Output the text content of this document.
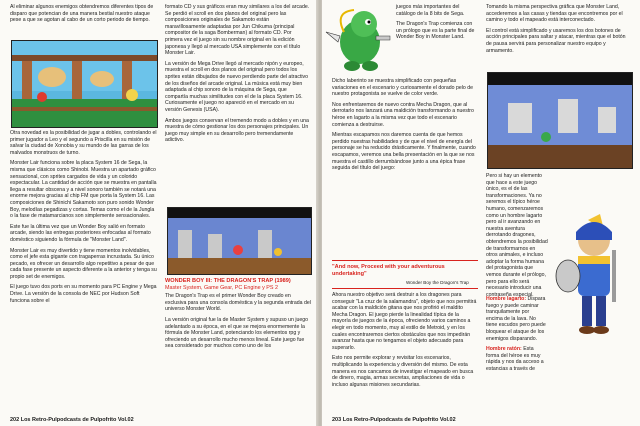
Al eliminar algunos enemigos obtendremos diferentes tipos de disparo que potencian de una manera bestial nuestro ataque pese a que se agotan al cabo de un corto periodo de tiempo.

Otra novedad es la posibilidad de jugar a dobles, controlando el primer jugador a Leo y el segundo a Priscilla en su misión de salvar la ciudad de Xonobia y su mundo de las garras de los malvados monstruos de turno.

Monster Lair funciona sobre la placa System 16 de Sega, la misma que clásicos como Shinobi. Muestra un apartado gráfico sensacional, con sprites cargados de vida y un colorido espectacular. La cantidad de acción que se muestra en pantalla llega a resultar obscena y a nivel sonoro también se notará una enorme mejora gracias al chip FM que porta la System 16. Las composiciones de Shinichi Sakamoto son puro sonido Wonder Boy, melodías pegadizas y cortas. Temas como el de la Jungla o la fase de matamarcianos son simplemente sensacionales.

Este fue la última vez que un Wonder Boy salió en formato arcade, siendo las entregas posteriores enfocadas al formato doméstico siguiendo la fórmula de "Monster Land".

Monster Lair es muy divertido y tiene momentos inolvidables, como el jefe esta gigante con tragaperras incrustada. Su único pecado, es ofrecer un desarrollo algo repetitivo a pesar de que cada fase presente un aspecto diferente a la anterior y tenga su propio set de enemigos.

El juego tuvo dos ports en su momento para PC Engine y Mega Drive. La versión de la consola de NEC por Hudson Soft funciona sobre el

formato CD y sus gráficos eran muy similares a los del arcade. Se perdió el scroll en dos planos del original pero las composiciones originales de Sakamoto están maravillosamente adaptadas por Jun Chikuma (principal compositor de la saga Bomberman) al formato CD. Por primera vez el juego sin su nombre original en la edición japonesa y llegó al mercado USA simplemente con el título Monster Lair.

La versión de Mega Drive llegó al mercado nipón y europeo, muestra el scroll en dos planos del original pero todos los sprites están dibujados de nuevo perdiendo parte del atractivo de los diseños del arcade original. La música está muy bien adaptada al chip sonoro de la máquina de Sega, que compartía muchas similitudes con el de la placa System 16. Curiosamente el juego no apareció en el mercado en su versión Genesis (USA).

Ambos juegos conservan el tremendo modo a dobles y en una muestra de cómo gestionar los dos personajes principales. Un juego muy simple en su desarrollo pero tremendamente adictivo.

WONDER BOY III: THE DRAGON'S TRAP (1989)
Master System, Game Gear, PC Engine y PS 2

The Dragon's Trap es el primer Wonder Boy creado en exclusiva para una consola doméstica y la segunda entrada del universo Monster World.

La versión original fue la de Master System y supuso un juego adelantado a su época, en el que se mejora enormemente la fórmula de Monster Land, potenciando los elementos rpg y ofreciendo un desarrollo mucho menos lineal. Este juego fue sea considerado por muchos como uno de los

202 Los Retro-Pulpodcasts de Pulpofrito Vol.02

juegos más importantes del catálogo de la 8 bits de Sega.

The Dragon's Trap comienza con un prólogo que es la parte final de Wonder Boy in Monster Land.

Dicho laberinto se muestra simplificado con pequeñas variaciones en el escenario y curiosamente el dorado pelo de nuestro protagonista se vuelve de color verde.

Nos enfrentaremos de nuevo contra Mecha Dragon, que al derrotarlo nos lanzará una maldición transformando a nuestro héroe en lagarto a la misma vez que todo el escenario comienza a destruirse.

Mientras escapamos nos daremos cuenta de que hemos perdido nuestras habilidades y de que el nivel de energía del personaje se ha reducido drásticamente. Y finalmente, cuando escapamos, veremos una bella presentación en la que se nos muestra el castillo derrumbándose junto a una épica frase seguida del título del juego:

"And now, Proceed with your adventurous undertaking"
Wonder Boy the Dragon's Trap

Ahora nuestro objetivo será destruir a los dragones para conseguir "La cruz de la salamandra", objeto que nos permitirá acabar con la maldición gitana que nos profirió el maldito Mecha Dragon. El juego pierde la linealidad típica de la mayoría de juegos de la época, ofreciendo varios caminos a elegir en todo momento, muy al estilo de Metroid, y en los cuales encontraremos ciertos obstáculos que nos impedirán avanzar hasta que no tengamos el objeto adecuado para superarlo.

Esto nos permite explorar y revisitar los escenarios, multiplicando la experiencia y diversión del mismo. De esta manera es nos cancamos de investigar el mapeado en busca de dinero, magia, armas secretas, ampliaciones de vida o incluso algunas misiones secundarias.

Tomando la misma perspectiva gráfica que Monster Land, accederemos a las casas y tiendas que encontremos por el camino y todo el mapeado está interconectado.

El control está simplificado y usaremos los dos botones de acción principales para saltar y atacar, mientras que el botón de pausa servirá para personalizar nuestro equipo y armamento.

Pero si hay un elemento que hace a este juego único, es el de las transformaciones. Ya no seremos el típico héroe humano, comenzaremos como un hombre lagarto pero al ir avanzando en nuestra aventura derrotando dragones, obtendremos la posibilidad de transformarnos en otros animales, e incluso adoptar la forma humana del protagonista que vemos durante el prólogo, pero para ello será necesario introducir una contraseña especial.

Hombre lagarto: Dispara fuego y puede caminar tranquilamente por encima de la lava. No tiene escudos pero puede bloquear el ataque de los enemigos disparando.

Hombre ratón: Esta forma del héroe es muy rápida y nos da acceso a estancias a través de

203 Los Retro-Pulpodcasts de Pulpofrito Vol.02
